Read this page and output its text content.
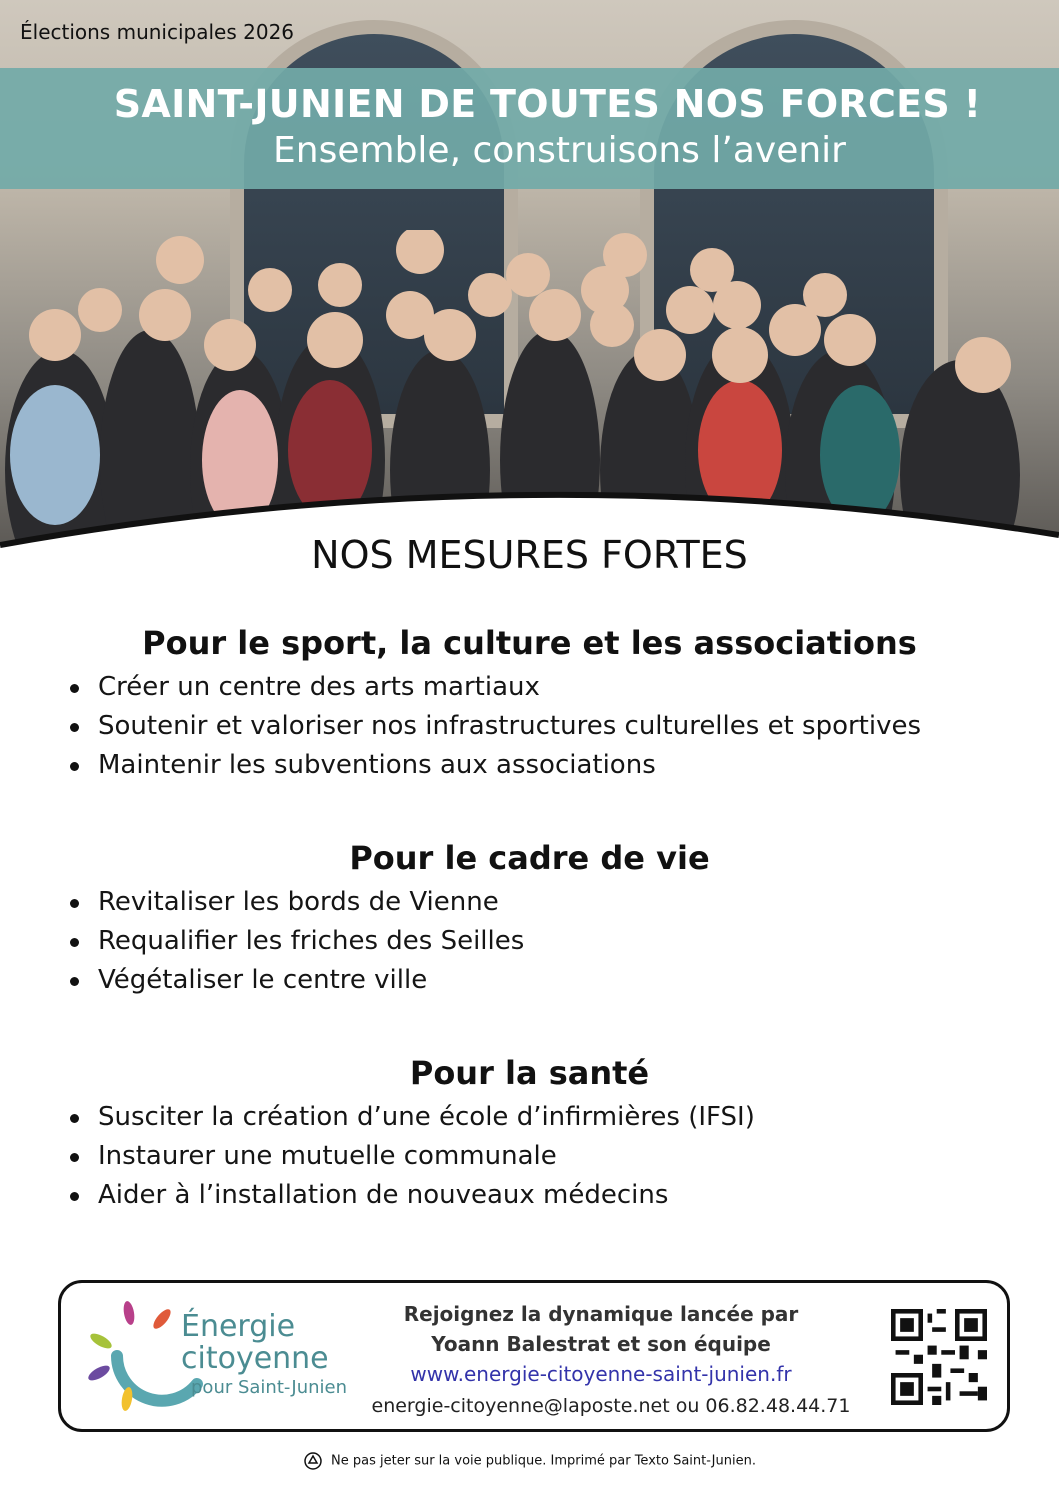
Élections municipales 2026
SAINT-JUNIEN DE TOUTES NOS FORCES !
Ensemble, construisons l’avenir
NOS MESURES FORTES
Pour le sport, la culture et les associations
Créer un centre des arts martiaux
Soutenir et valoriser nos infrastructures culturelles et sportives
Maintenir les subventions aux associations
Pour le cadre de vie
Revitaliser les bords de Vienne
Requalifier les friches des Seilles
Végétaliser le centre ville
Pour la santé
Susciter la création d’une école d’infirmières (IFSI)
Instaurer une mutuelle communale
Aider à l’installation de nouveaux médecins
Énergie
citoyenne
pour Saint-Junien
Rejoignez la dynamique lancée par
Yoann Balestrat et son équipe
www.energie-citoyenne-saint-junien.fr
energie-citoyenne@laposte.net ou 06.82.48.44.71
Ne pas jeter sur la voie publique. Imprimé par Texto Saint-Junien.
